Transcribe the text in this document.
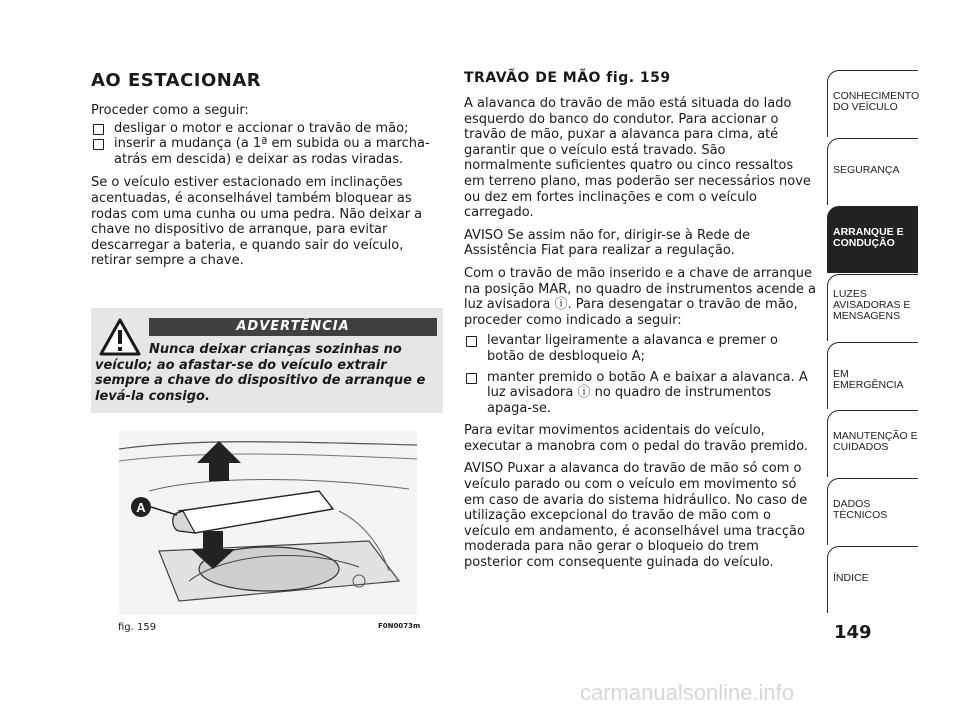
AO ESTACIONAR
Proceder como a seguir:
desligar o motor e accionar o travão de mão;
inserir a mudança (a 1ª em subida ou a marcha-atrás em descida) e deixar as rodas viradas.
Se o veículo estiver estacionado em inclinações acentuadas, é aconselhável também bloquear as rodas com uma cunha ou uma pedra. Não deixar a chave no dispositivo de arranque, para evitar descarregar a bateria, e quando sair do veículo, retirar sempre a chave.
ADVERTÊNCIA
Nunca deixar crianças sozinhas no veículo; ao afastar-se do veículo extrair sempre a chave do dispositivo de arranque e levá-la consigo.
A
fig. 159	F0N0073m
TRAVÃO DE MÃO fig. 159
A alavanca do travão de mão está situada do lado esquerdo do banco do condutor. Para accionar o travão de mão, puxar a alavanca para cima, até garantir que o veículo está travado. São normalmente suficientes quatro ou cinco ressaltos em terreno plano, mas poderão ser necessários nove ou dez em fortes inclinações e com o veículo carregado.
AVISO Se assim não for, dirigir-se à Rede de Assistência Fiat para realizar a regulação.
Com o travão de mão inserido e a chave de arranque na posição MAR, no quadro de instrumentos acende a luz avisadora ⓘ. Para desengatar o travão de mão, proceder como indicado a seguir:
levantar ligeiramente a alavanca e premer o botão de desbloqueio A;
manter premido o botão A e baixar a alavanca. A luz avisadora ⓘ no quadro de instrumentos apaga-se.
Para evitar movimentos acidentais do veículo, executar a manobra com o pedal do travão premido.
AVISO Puxar a alavanca do travão de mão só com o veículo parado ou com o veículo em movimento só em caso de avaria do sistema hidráulico. No caso de utilização excepcional do travão de mão com o veículo em andamento, é aconselhável uma tracção moderada para não gerar o bloqueio do trem posterior com consequente guinada do veículo.
CONHECIMENTO DO VEÍCULO
SEGURANÇA
ARRANQUE E CONDUÇÃO
LUZES AVISADORAS E MENSAGENS
EM EMERGÊNCIA
MANUTENÇÃO E CUIDADOS
DADOS TÉCNICOS
ÍNDICE
149
carmanualsonline.info
